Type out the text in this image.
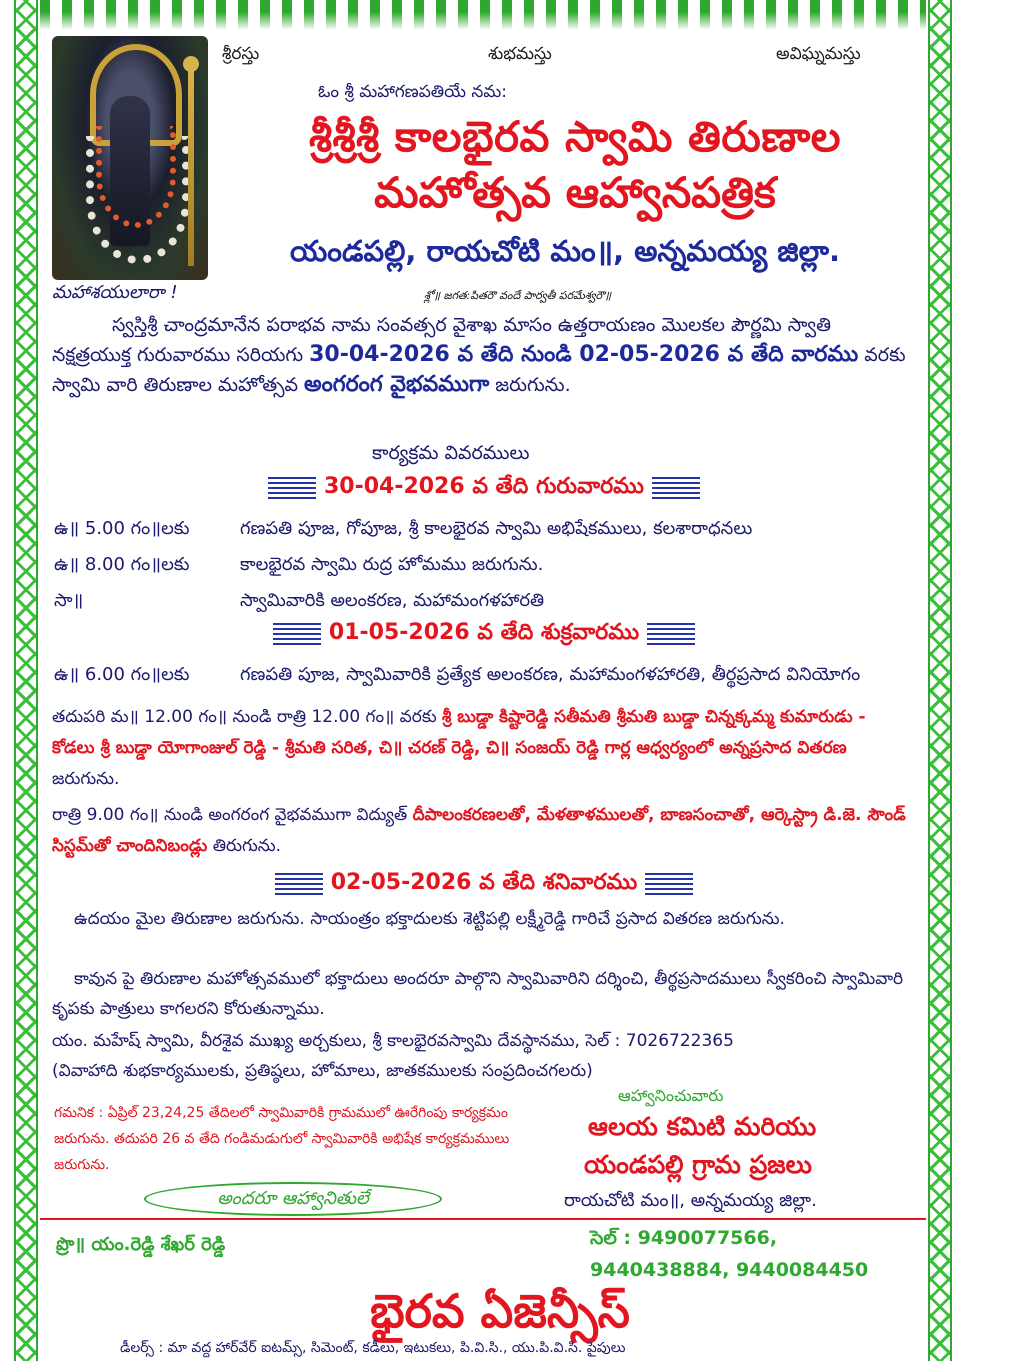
శ్రీరస్తు	శుభమస్తు	అవిఘ్నమస్తు
ఓం శ్రీ మహాగణపతియే నమ:
శ్రీశ్రీశ్రీ కాలభైరవ స్వామి తిరుణాల
మహోత్సవ ఆహ్వానపత్రిక
యండపల్లి, రాయచోటి మం॥, అన్నమయ్య జిల్లా.
మహాశయులారా !	శ్లో॥ జగత:పితరౌ వందే పార్వతీ పరమేశ్వరౌ॥
స్వస్తిశ్రీ చాంద్రమానేన పరాభవ నామ సంవత్సర వైశాఖ మాసం ఉత్తరాయణం మొలకల పౌర్ణమి స్వాతి నక్షత్రయుక్త గురువారము సరియగు 30-04-2026 వ తేది నుండి 02-05-2026 వ తేది వారము వరకు స్వామి వారి తిరుణాల మహోత్సవ అంగరంగ వైభవముగా జరుగును.
కార్యక్రమ వివరములు
30-04-2026 వ తేది గురువారము
ఉ॥ 5.00 గం॥లకు	గణపతి పూజ, గోపూజ, శ్రీ కాలభైరవ స్వామి అభిషేకములు, కలశారాధనలు
ఉ॥ 8.00 గం॥లకు	కాలభైరవ స్వామి రుద్ర హోమము జరుగును.
సా॥	స్వామివారికి అలంకరణ, మహామంగళహారతి
01-05-2026 వ తేది శుక్రవారము
ఉ॥ 6.00 గం॥లకు	గణపతి పూజ, స్వామివారికి ప్రత్యేక అలంకరణ, మహామంగళహారతి, తీర్థప్రసాద వినియోగం
తదుపరి మ॥ 12.00 గం॥ నుండి రాత్రి 12.00 గం॥ వరకు శ్రీ బుడ్డా కిష్టారెడ్డి సతీమతి శ్రీమతి బుడ్డా చిన్నక్కమ్మ కుమారుడు - కోడలు శ్రీ బుడ్డా యోగాంజుల్ రెడ్డి - శ్రీమతి సరిత, చి॥ చరణ్ రెడ్డి, చి॥ సంజయ్ రెడ్డి గార్ల ఆధ్వర్యంలో అన్నప్రసాద వితరణ జరుగును.
రాత్రి 9.00 గం॥ నుండి అంగరంగ వైభవముగా విద్యుత్ దీపాలంకరణలతో, మేళతాళములతో, బాణసంచాతో, ఆర్కెస్ట్రా డి.జె. సౌండ్ సిస్టమ్‌తో చాందినిబండ్లు తిరుగును.
02-05-2026 వ తేది శనివారము
ఉదయం మైల తిరుణాల జరుగును. సాయంత్రం భక్తాదులకు శెట్టిపల్లి లక్ష్మీరెడ్డి గారిచే ప్రసాద వితరణ జరుగును.
కావున పై తిరుణాల మహోత్సవములో భక్తాదులు అందరూ పాల్గొని స్వామివారిని దర్శించి, తీర్థప్రసాదములు స్వీకరించి స్వామివారి కృపకు పాత్రులు కాగలరని కోరుతున్నాము.
యం. మహేష్ స్వామి, వీరశైవ ముఖ్య అర్చకులు, శ్రీ కాలభైరవస్వామి దేవస్థానము, సెల్ : 7026722365
(వివాహాది శుభకార్యములకు, ప్రతిష్ఠలు, హోమాలు, జాతకములకు సంప్రదించగలరు)
గమనిక : ఏప్రిల్ 23,24,25 తేదిలలో స్వామివారికి గ్రామములో ఊరేగింపు కార్యక్రమం జరుగును. తదుపరి 26 వ తేది గండిమడుగులో స్వామివారికి అభిషేక కార్యక్రమములు జరుగును.
ఆహ్వానించువారు
ఆలయ కమిటి మరియు
యండపల్లి గ్రామ ప్రజలు
రాయచోటి మం॥, అన్నమయ్య జిల్లా.
అందరూ ఆహ్వానితులే
ప్రొ॥ యం.రెడ్డి శేఖర్ రెడ్డి	సెల్ : 9490077566,
9440438884, 9440084450
భైరవ ఏజెన్సీస్
డీలర్స్ : మా వద్ద హార్‌వేర్ ఐటమ్స్, సిమెంట్, కడీలు, ఇటుకలు, పి.వి.సి., యు.పి.వి.సి. పైపులు
